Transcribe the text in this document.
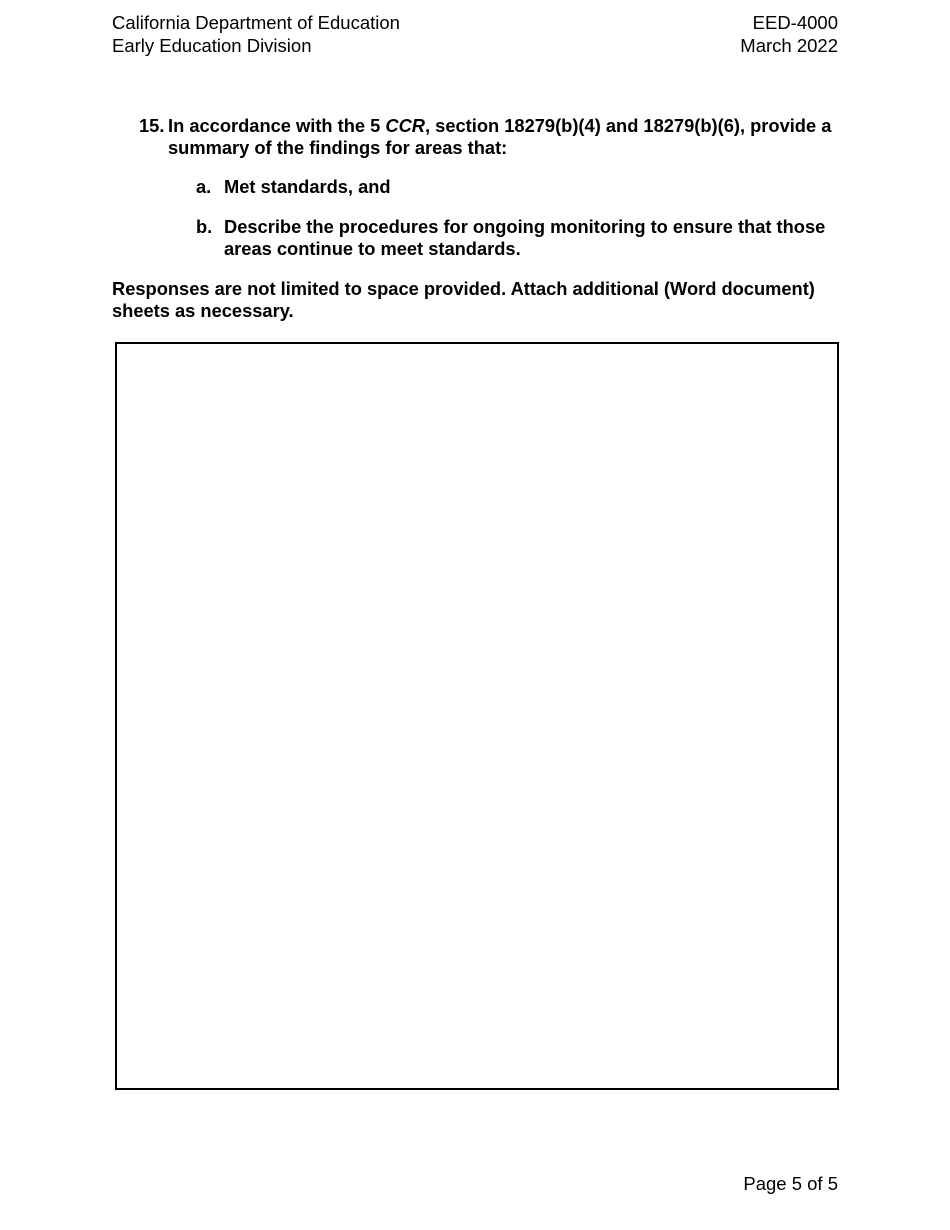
California Department of Education
Early Education Division
EED-4000
March 2022
15. In accordance with the 5 CCR, section 18279(b)(4) and 18279(b)(6), provide a summary of the findings for areas that:
a. Met standards, and
b. Describe the procedures for ongoing monitoring to ensure that those areas continue to meet standards.
Responses are not limited to space provided. Attach additional (Word document) sheets as necessary.
Page 5 of 5
